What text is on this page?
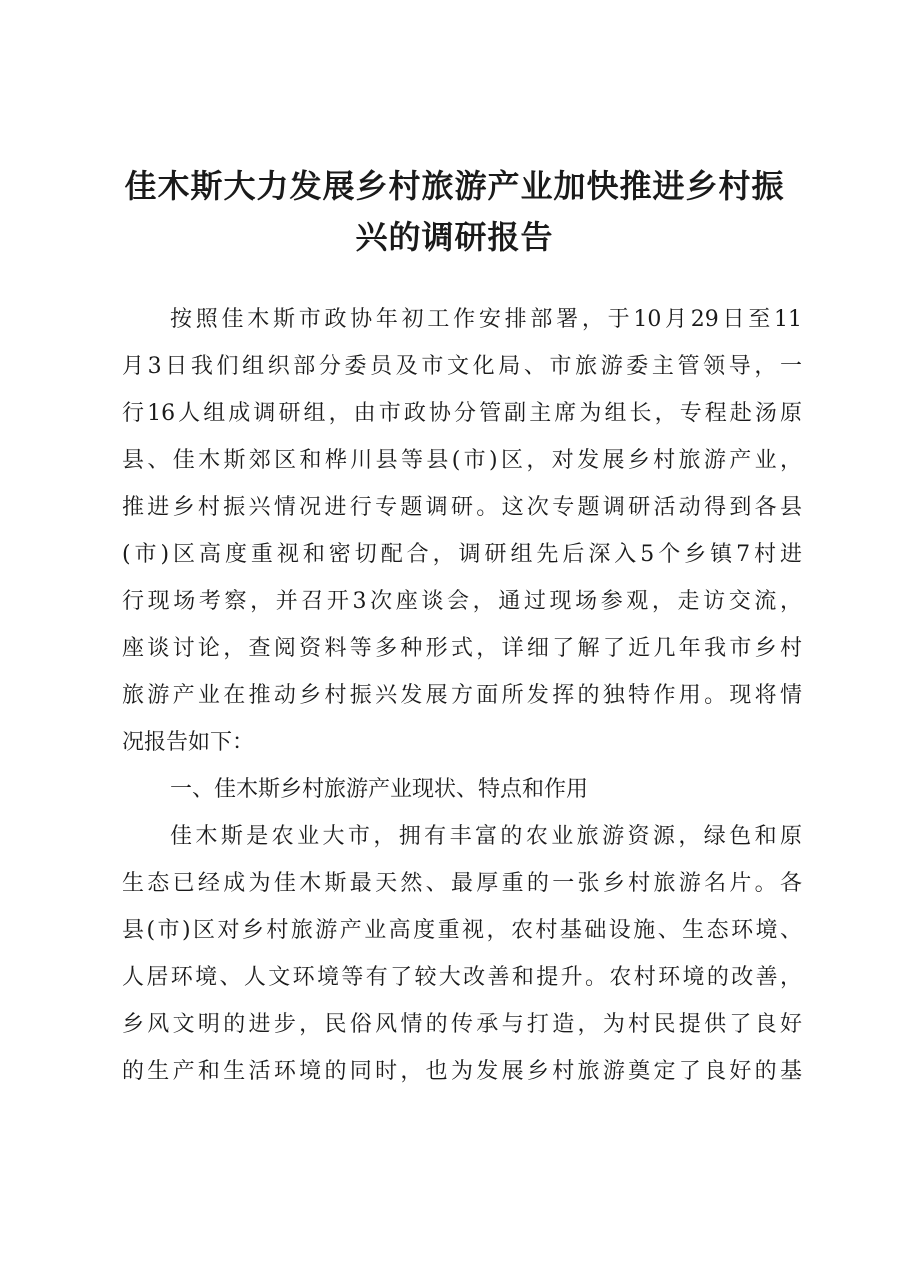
佳木斯大力发展乡村旅游产业加快推进乡村振
兴的调研报告
按照佳木斯市政协年初工作安排部署，于10月29日至11
月3日我们组织部分委员及市文化局、市旅游委主管领导，一
行16人组成调研组，由市政协分管副主席为组长，专程赴汤原
县、佳木斯郊区和桦川县等县(市)区，对发展乡村旅游产业，
推进乡村振兴情况进行专题调研。这次专题调研活动得到各县
(市)区高度重视和密切配合，调研组先后深入5个乡镇7村进
行现场考察，并召开3次座谈会，通过现场参观，走访交流，
座谈讨论，查阅资料等多种形式，详细了解了近几年我市乡村
旅游产业在推动乡村振兴发展方面所发挥的独特作用。现将情
况报告如下：
一、佳木斯乡村旅游产业现状、特点和作用
佳木斯是农业大市，拥有丰富的农业旅游资源，绿色和原
生态已经成为佳木斯最天然、最厚重的一张乡村旅游名片。各
县(市)区对乡村旅游产业高度重视，农村基础设施、生态环境、
人居环境、人文环境等有了较大改善和提升。农村环境的改善，
乡风文明的进步，民俗风情的传承与打造，为村民提供了良好
的生产和生活环境的同时，也为发展乡村旅游奠定了良好的基
